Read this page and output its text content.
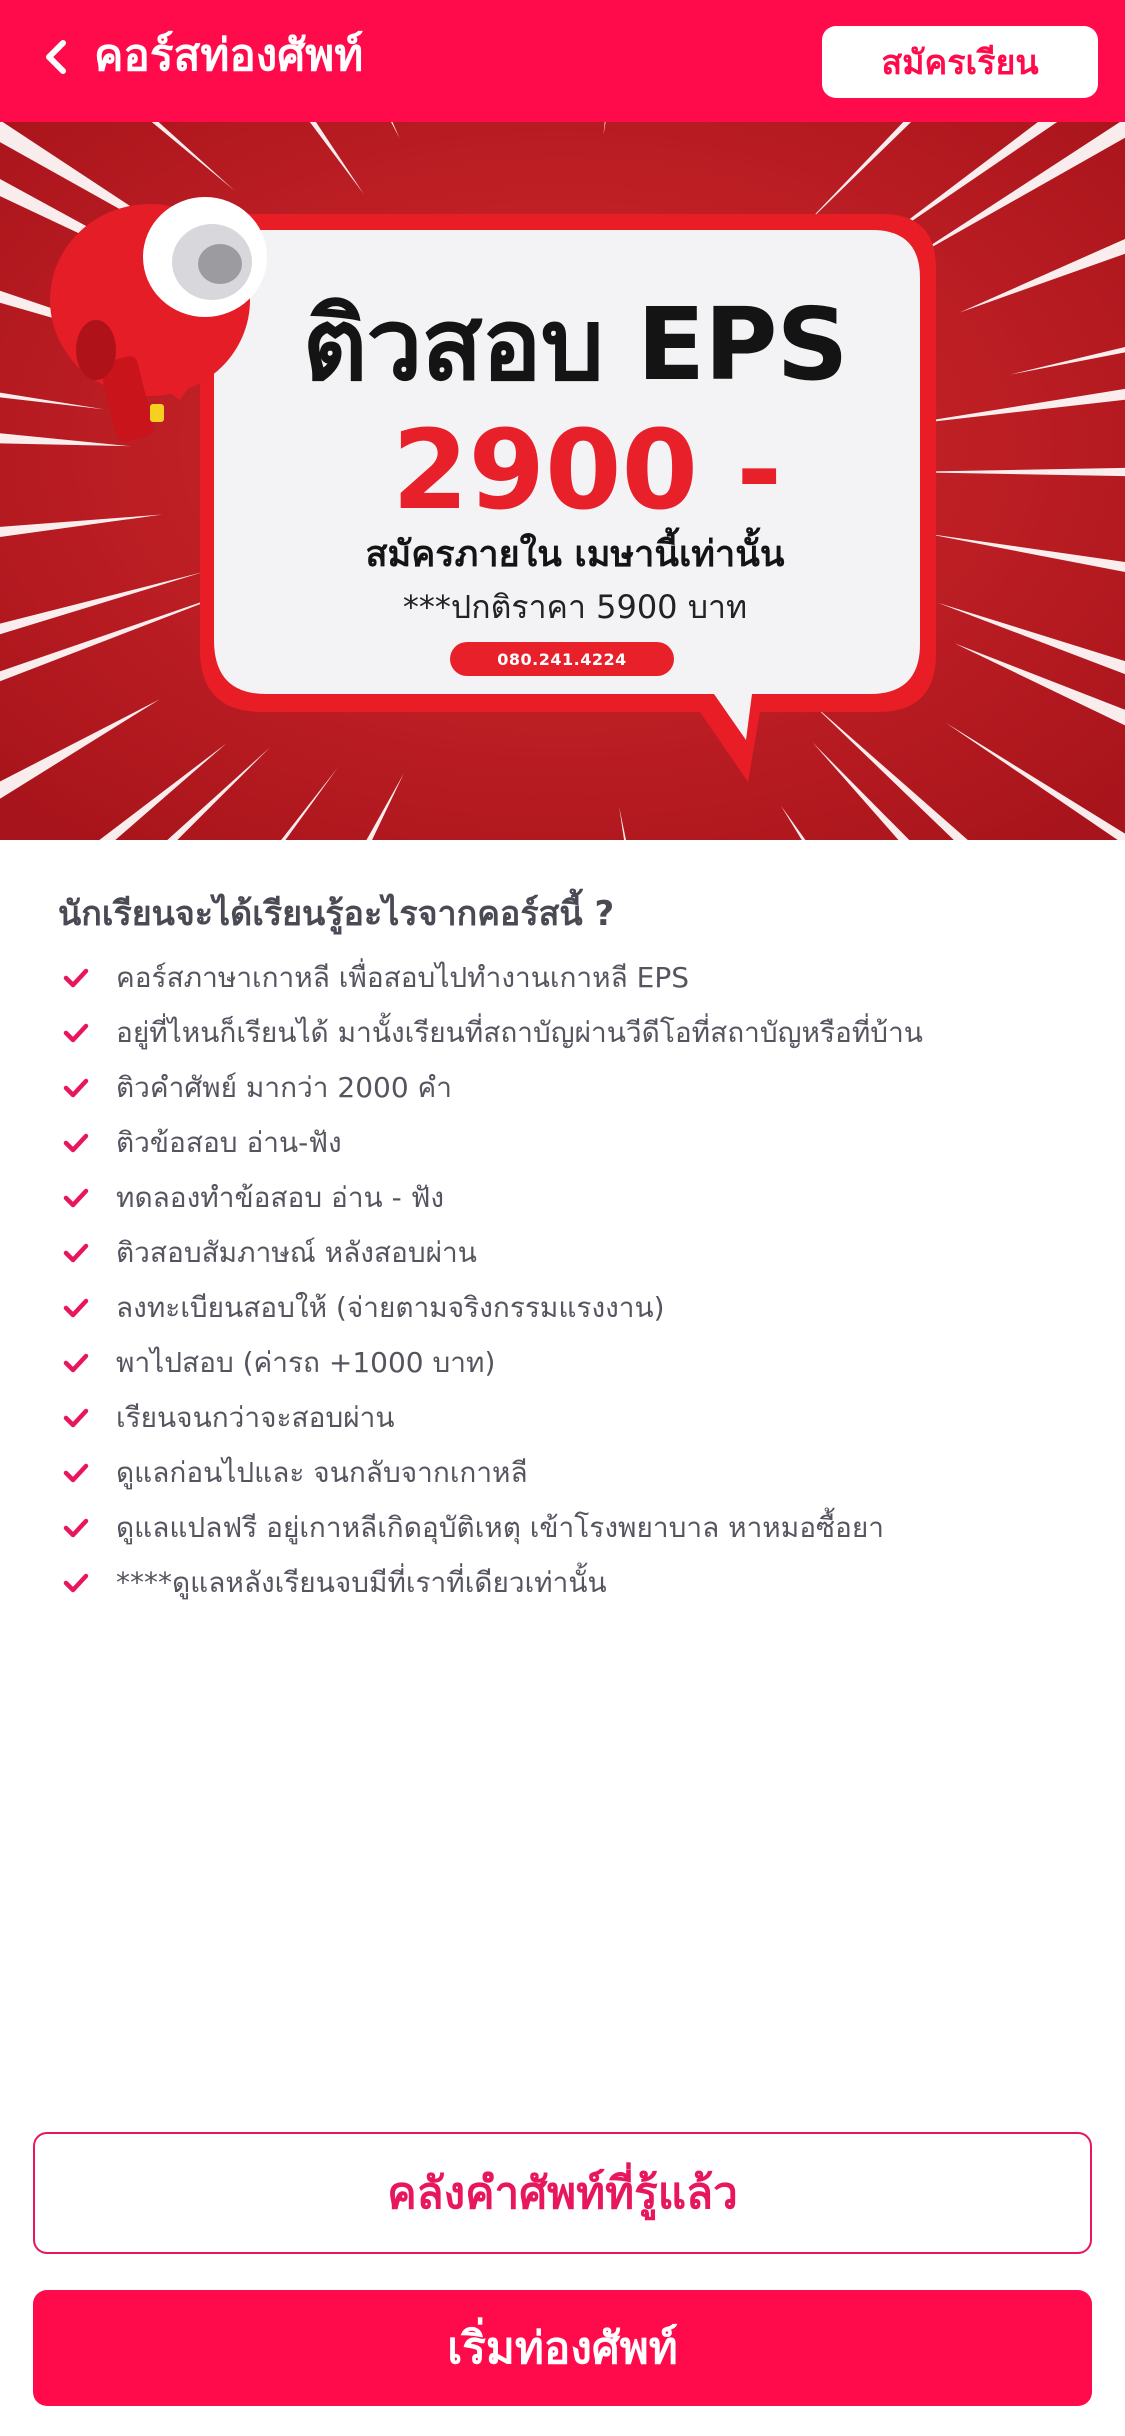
คอร์สท่องศัพท์	สมัครเรียน
ติวสอบ EPS
2900 -
สมัครภายใน เมษานี้เท่านั้น
***ปกติราคา 5900 บาท
080.241.4224
นักเรียนจะได้เรียนรู้อะไรจากคอร์สนี้ ?
คอร์สภาษาเกาหลี เพื่อสอบไปทำงานเกาหลี EPS
อยู่ที่ไหนก็เรียนได้ มานั้งเรียนที่สถาบัญผ่านวีดีโอที่สถาบัญหรือที่บ้าน
ติวคำศัพย์ มากว่า 2000 คำ
ติวข้อสอบ อ่าน-ฟัง
ทดลองทำข้อสอบ อ่าน - ฟัง
ติวสอบสัมภาษณ์ หลังสอบผ่าน
ลงทะเบียนสอบให้ (จ่ายตามจริงกรรมแรงงาน)
พาไปสอบ (ค่ารถ +1000 บาท)
เรียนจนกว่าจะสอบผ่าน
ดูแลก่อนไปและ จนกลับจากเกาหลี
ดูแลแปลฟรี อยู่เกาหลีเกิดอุบัติเหตุ เข้าโรงพยาบาล หาหมอซื้อยา
****ดูแลหลังเรียนจบมีที่เราที่เดียวเท่านั้น
คลังคำศัพท์ที่รู้แล้ว
เริ่มท่องศัพท์
